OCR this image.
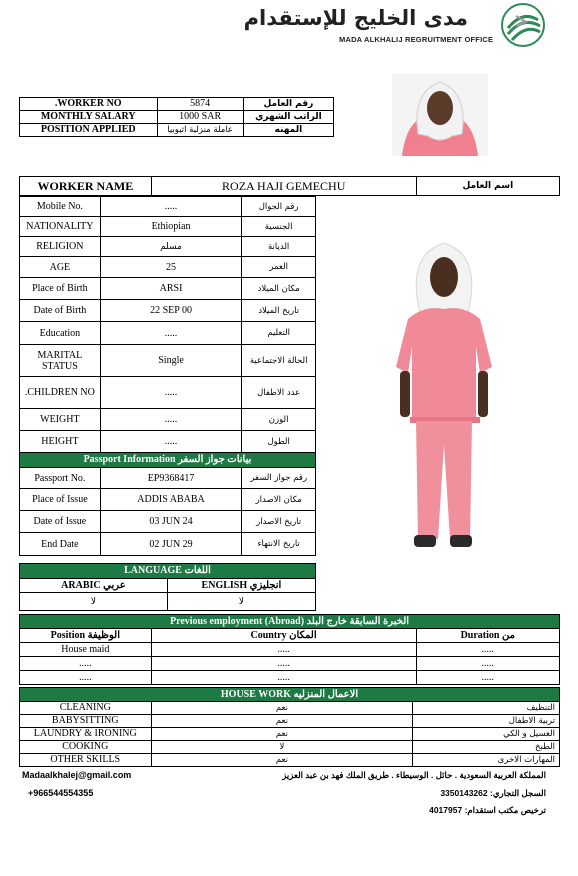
مدى الخليج للإستقدام
MADA ALKHALIJ REGRUITMENT OFFICE
.WORKER NO	5874	رقم العامل
MONTHLY SALARY	1000 SAR	الراتب الشهري
POSITION APPLIED	عاملة منزلية اثيوبيا	المهنه
WORKER NAME	ROZA HAJI GEMECHU	اسم العامل
Mobile No.	.....	رقم الجوال
NATIONALITY	Ethiopian	الجنسية
RELIGION	مسلم	الديانة
AGE	25	العمر
Place of Birth	ARSI	مكان الميلاد
Date of Birth	22 SEP 00	تاريخ الميلاد
Education	.....	التعليم
MARITAL STATUS	Single	الحالة الاجتماعية
.CHILDREN NO	.....	عدد الاطفال
WEIGHT	.....	الوزن
HEIGHT	.....	الطول
Passport Information بيانات جواز السفر		
Passport No.	EP9368417	رقم جواز السفر
Place of Issue	ADDIS ABABA	مكان الاصدار
Date of Issue	03 JUN 24	تاريخ الاصدار
End Date	02 JUN 29	تاريخ الانتهاء
LANGUAGE اللغات	
ARABIC عربي	ENGLISH انجليزي
لا	لا
Previous employment (Abroad) الخبرة السابقة خارج البلد		
Position الوظيفة	Country المكان	Duration من
House maid	.....	.....
.....	.....	.....
.....	.....	.....
HOUSE WORK الاعمال المنزليه		
CLEANING	نعم	التنظيف
BABYSITTING	نعم	تربية الاطفال
LAUNDRY & IRONING	نعم	الغسيل و الكي
COOKING	لا	الطبخ
OTHER SKILLS	نعم	المهارات الاخرى
Madaalkhalej@gmail.com
+966544554355
المملكة العربية السعودية . حائل . الوسيطاء . طريق الملك فهد بن عبد العزيز
السجل التجاري: 3350143262
ترخيص مكتب استقدام: 4017957
